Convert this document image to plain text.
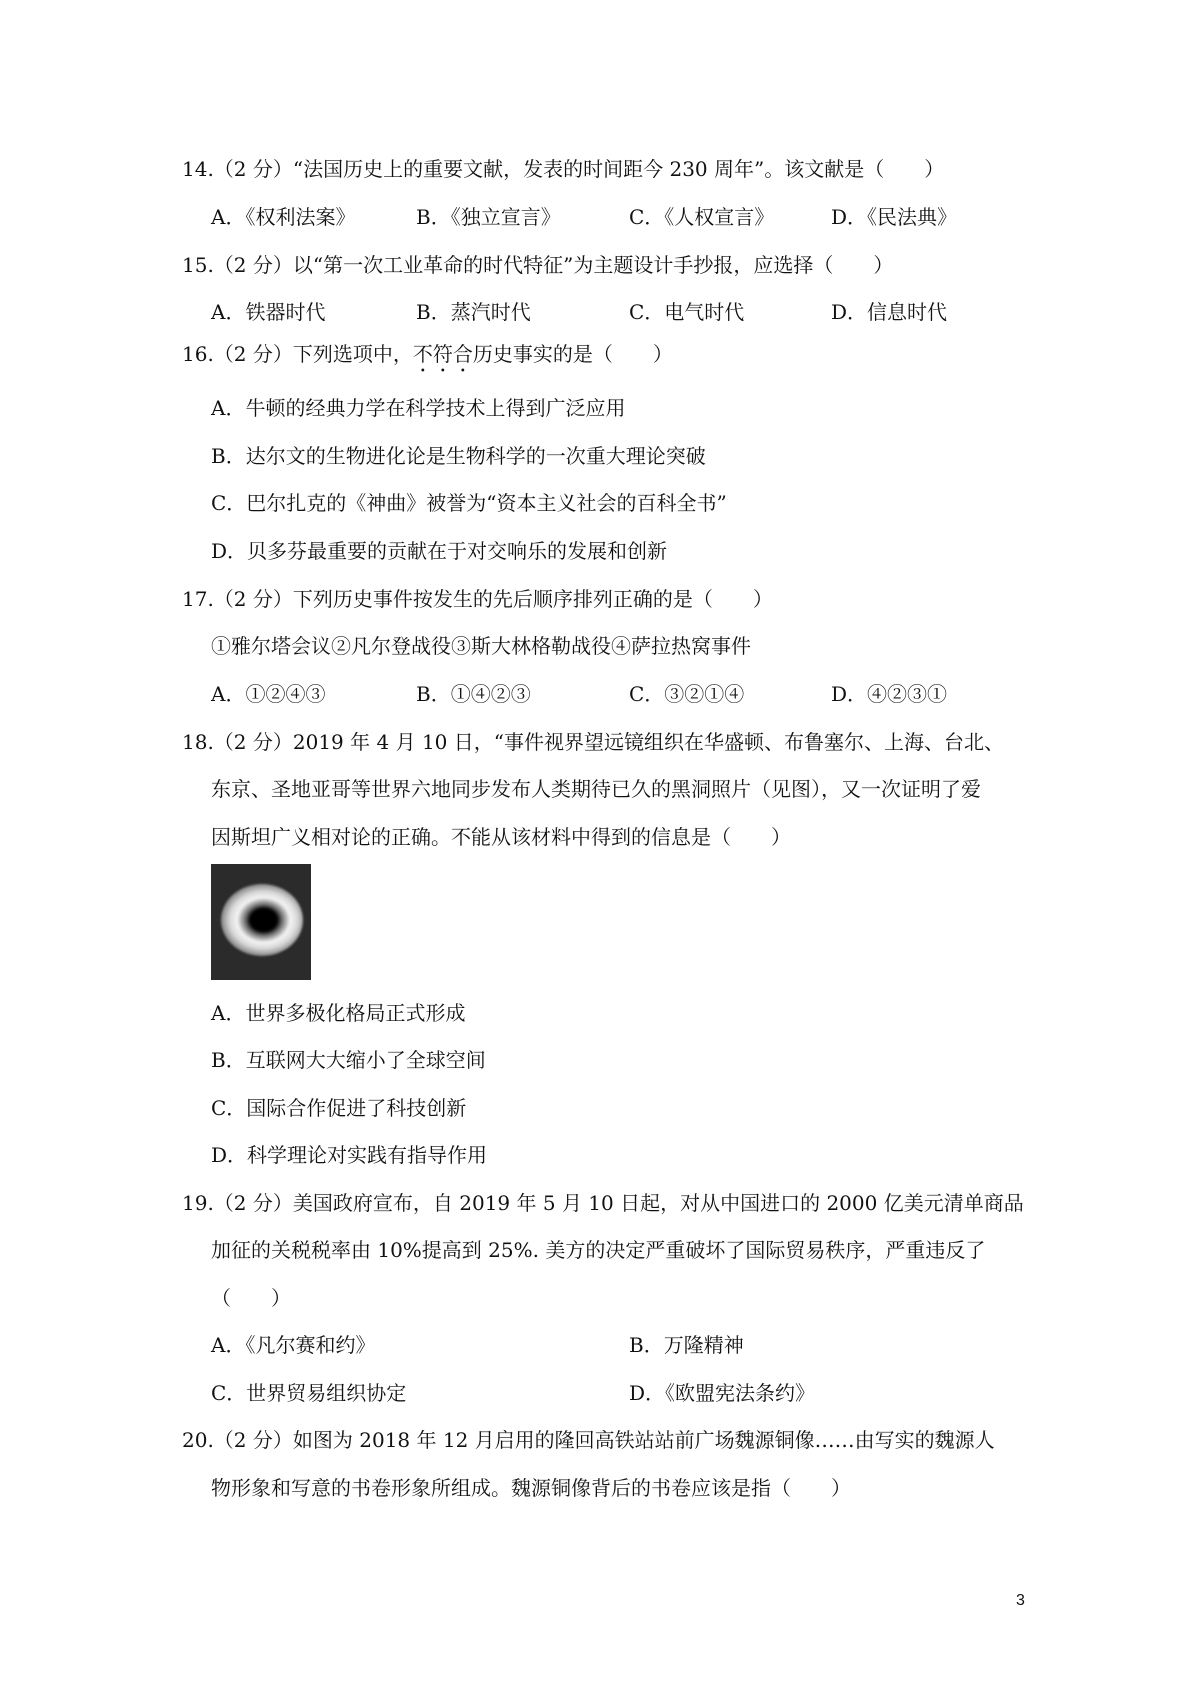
14.（2 分）“法国历史上的重要文献，发表的时间距今 230 周年”。该文献是（　　）
A．《权利法案》	B．《独立宣言》	C．《人权宣言》	D．《民法典》
15.（2 分）以“第一次工业革命的时代特征”为主题设计手抄报，应选择（　　）
A．铁器时代	B．蒸汽时代	C．电气时代	D．信息时代
16.（2 分）下列选项中，不符合历史事实的是（　　）
A．牛顿的经典力学在科学技术上得到广泛应用
B．达尔文的生物进化论是生物科学的一次重大理论突破
C．巴尔扎克的《神曲》被誉为“资本主义社会的百科全书”
D．贝多芬最重要的贡献在于对交响乐的发展和创新
17.（2 分）下列历史事件按发生的先后顺序排列正确的是（　　）
①雅尔塔会议②凡尔登战役③斯大林格勒战役④萨拉热窝事件
A．①②④③	B．①④②③	C．③②①④	D．④②③①
18.（2 分）2019 年 4 月 10 日，“事件视界望远镜组织在华盛顿、布鲁塞尔、上海、台北、
东京、圣地亚哥等世界六地同步发布人类期待已久的黑洞照片（见图），又一次证明了爱
因斯坦广义相对论的正确。不能从该材料中得到的信息是（　　）
A．世界多极化格局正式形成
B．互联网大大缩小了全球空间
C．国际合作促进了科技创新
D．科学理论对实践有指导作用
19.（2 分）美国政府宣布，自 2019 年 5 月 10 日起，对从中国进口的 2000 亿美元清单商品
加征的关税税率由 10%提高到 25%. 美方的决定严重破坏了国际贸易秩序，严重违反了
（　　）
A．《凡尔赛和约》	B．万隆精神
C．世界贸易组织协定	D．《欧盟宪法条约》
20.（2 分）如图为 2018 年 12 月启用的隆回高铁站站前广场魏源铜像……由写实的魏源人
物形象和写意的书卷形象所组成。魏源铜像背后的书卷应该是指（　　）
3
